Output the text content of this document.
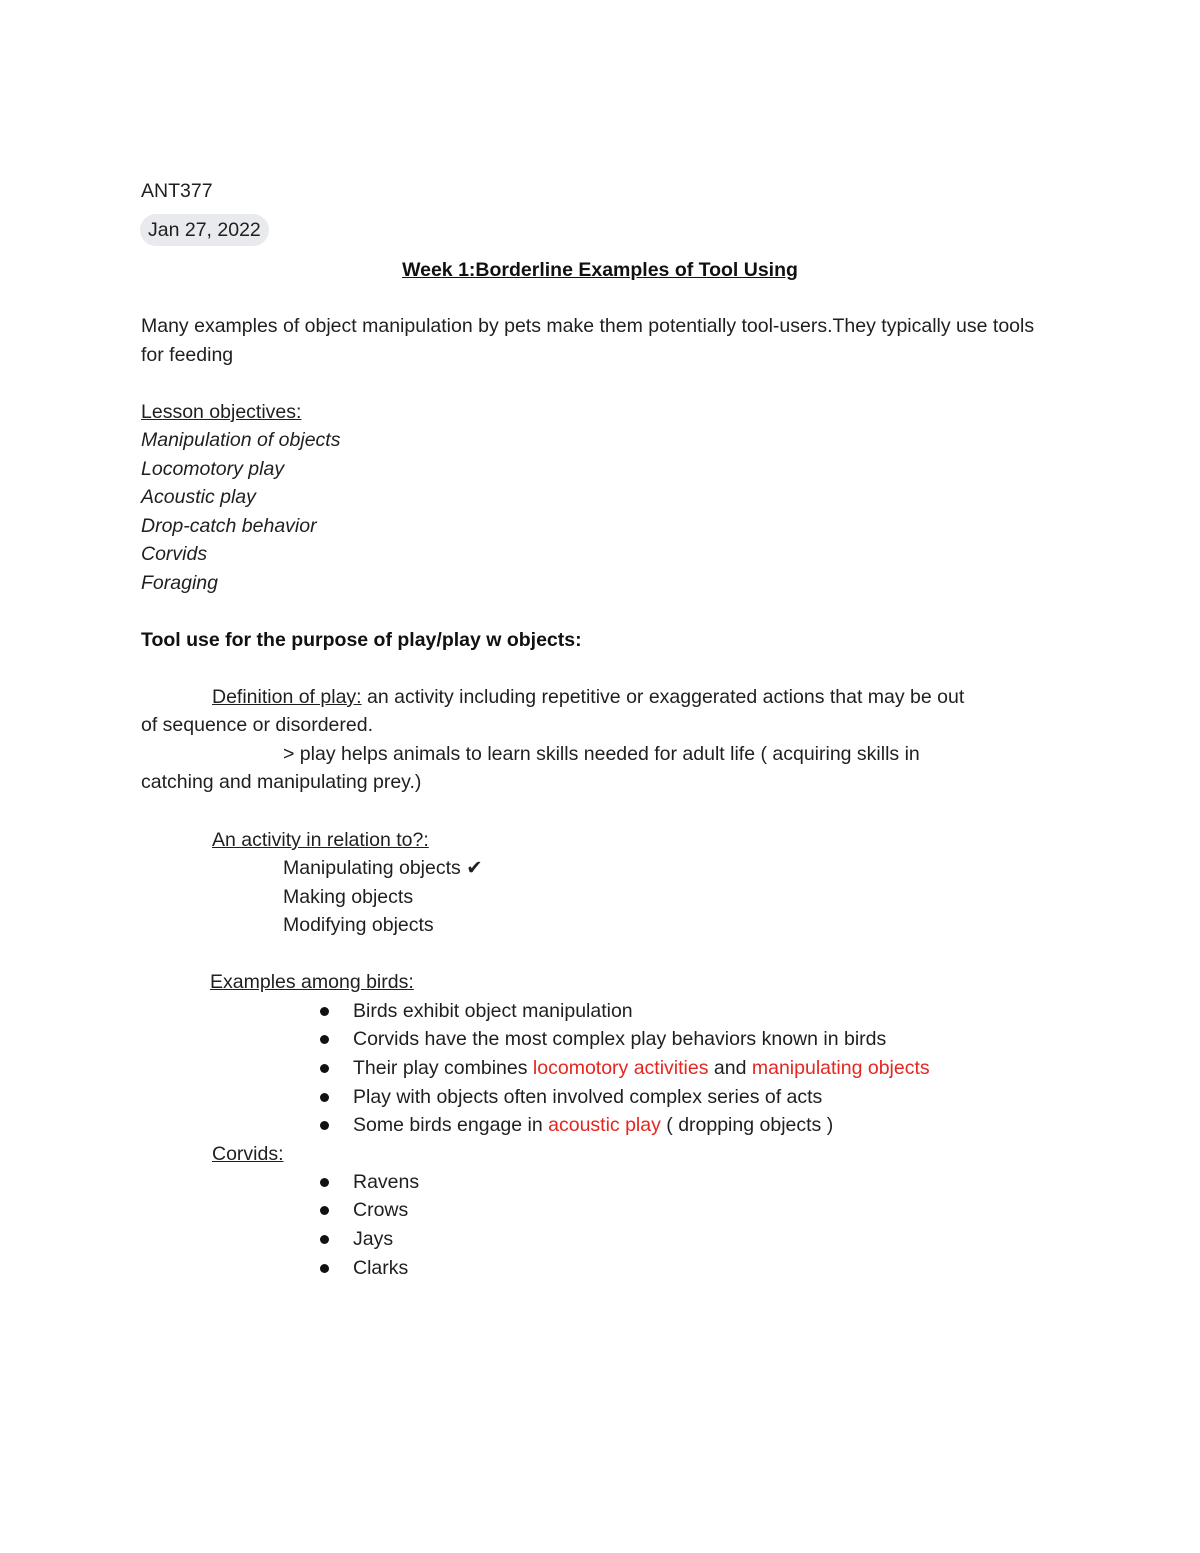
ANT377
Jan 27, 2022
Week 1:Borderline Examples of Tool Using
Many examples of object manipulation by pets make them potentially tool-users.They typically use tools for feeding
Lesson objectives:
Manipulation of objects
Locomotory play
Acoustic play
Drop-catch behavior
Corvids
Foraging
Tool use for the purpose of play/play w objects:
Definition of play: an activity including repetitive or exaggerated actions that may be out
of sequence or disordered.
> play helps animals to learn skills needed for adult life ( acquiring skills in
catching and manipulating prey.)
An activity in relation to?:
Manipulating objects ✔
Making objects
Modifying objects
Examples among birds:
Birds exhibit object manipulation
Corvids have the most complex play behaviors known in birds
Their play combines locomotory activities and manipulating objects
Play with objects often involved complex series of acts
Some birds engage in acoustic play ( dropping objects )
Corvids:
Ravens
Crows
Jays
Clarks
